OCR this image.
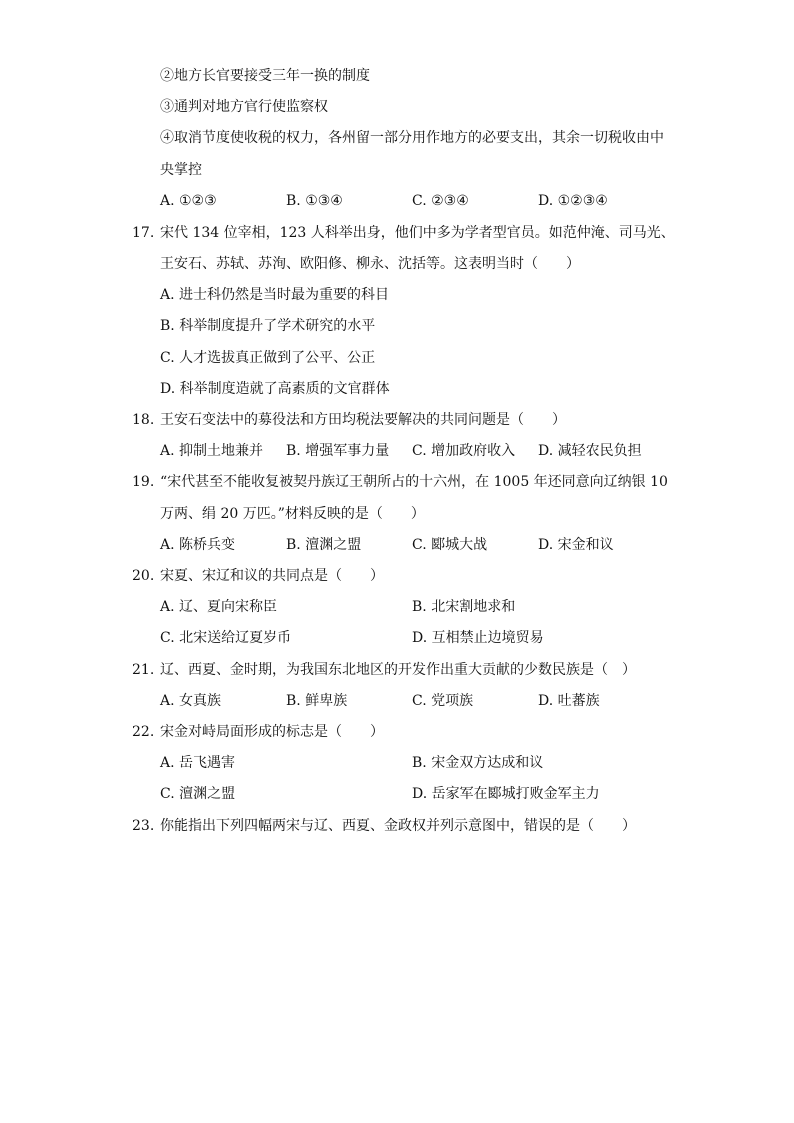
②地方长官要接受三年一换的制度
③通判对地方官行使监察权
④取消节度使收税的权力，各州留一部分用作地方的必要支出，其余一切税收由中
央掌控
A. ①②③	B. ①③④	C. ②③④	D. ①②③④
17. 宋代 134 位宰相，123 人科举出身，他们中多为学者型官员。如范仲淹、司马光、
王安石、苏轼、苏洵、欧阳修、柳永、沈括等。这表明当时（　　）
A. 进士科仍然是当时最为重要的科目
B. 科举制度提升了学术研究的水平
C. 人才选拔真正做到了公平、公正
D. 科举制度造就了高素质的文官群体
18. 王安石变法中的募役法和方田均税法要解决的共同问题是（　　）
A. 抑制土地兼并 B. 增强军事力量 C. 增加政府收入 D. 减轻农民负担
19. “宋代甚至不能收复被契丹族辽王朝所占的十六州，在 1005 年还同意向辽纳银 10
万两、绢 20 万匹。”材料反映的是（　　）
A. 陈桥兵变	B. 澶渊之盟	C. 郾城大战	D. 宋金和议
20. 宋夏、宋辽和议的共同点是（　　）
A. 辽、夏向宋称臣	B. 北宋割地求和
C. 北宋送给辽夏岁币	D. 互相禁止边境贸易
21. 辽、西夏、金时期，为我国东北地区的开发作出重大贡献的少数民族是（　）
A. 女真族	B. 鲜卑族	C. 党项族	D. 吐蕃族
22. 宋金对峙局面形成的标志是（　　）
A. 岳飞遇害	B. 宋金双方达成和议
C. 澶渊之盟	D. 岳家军在郾城打败金军主力
23. 你能指出下列四幅两宋与辽、西夏、金政权并列示意图中，错误的是（　　）
